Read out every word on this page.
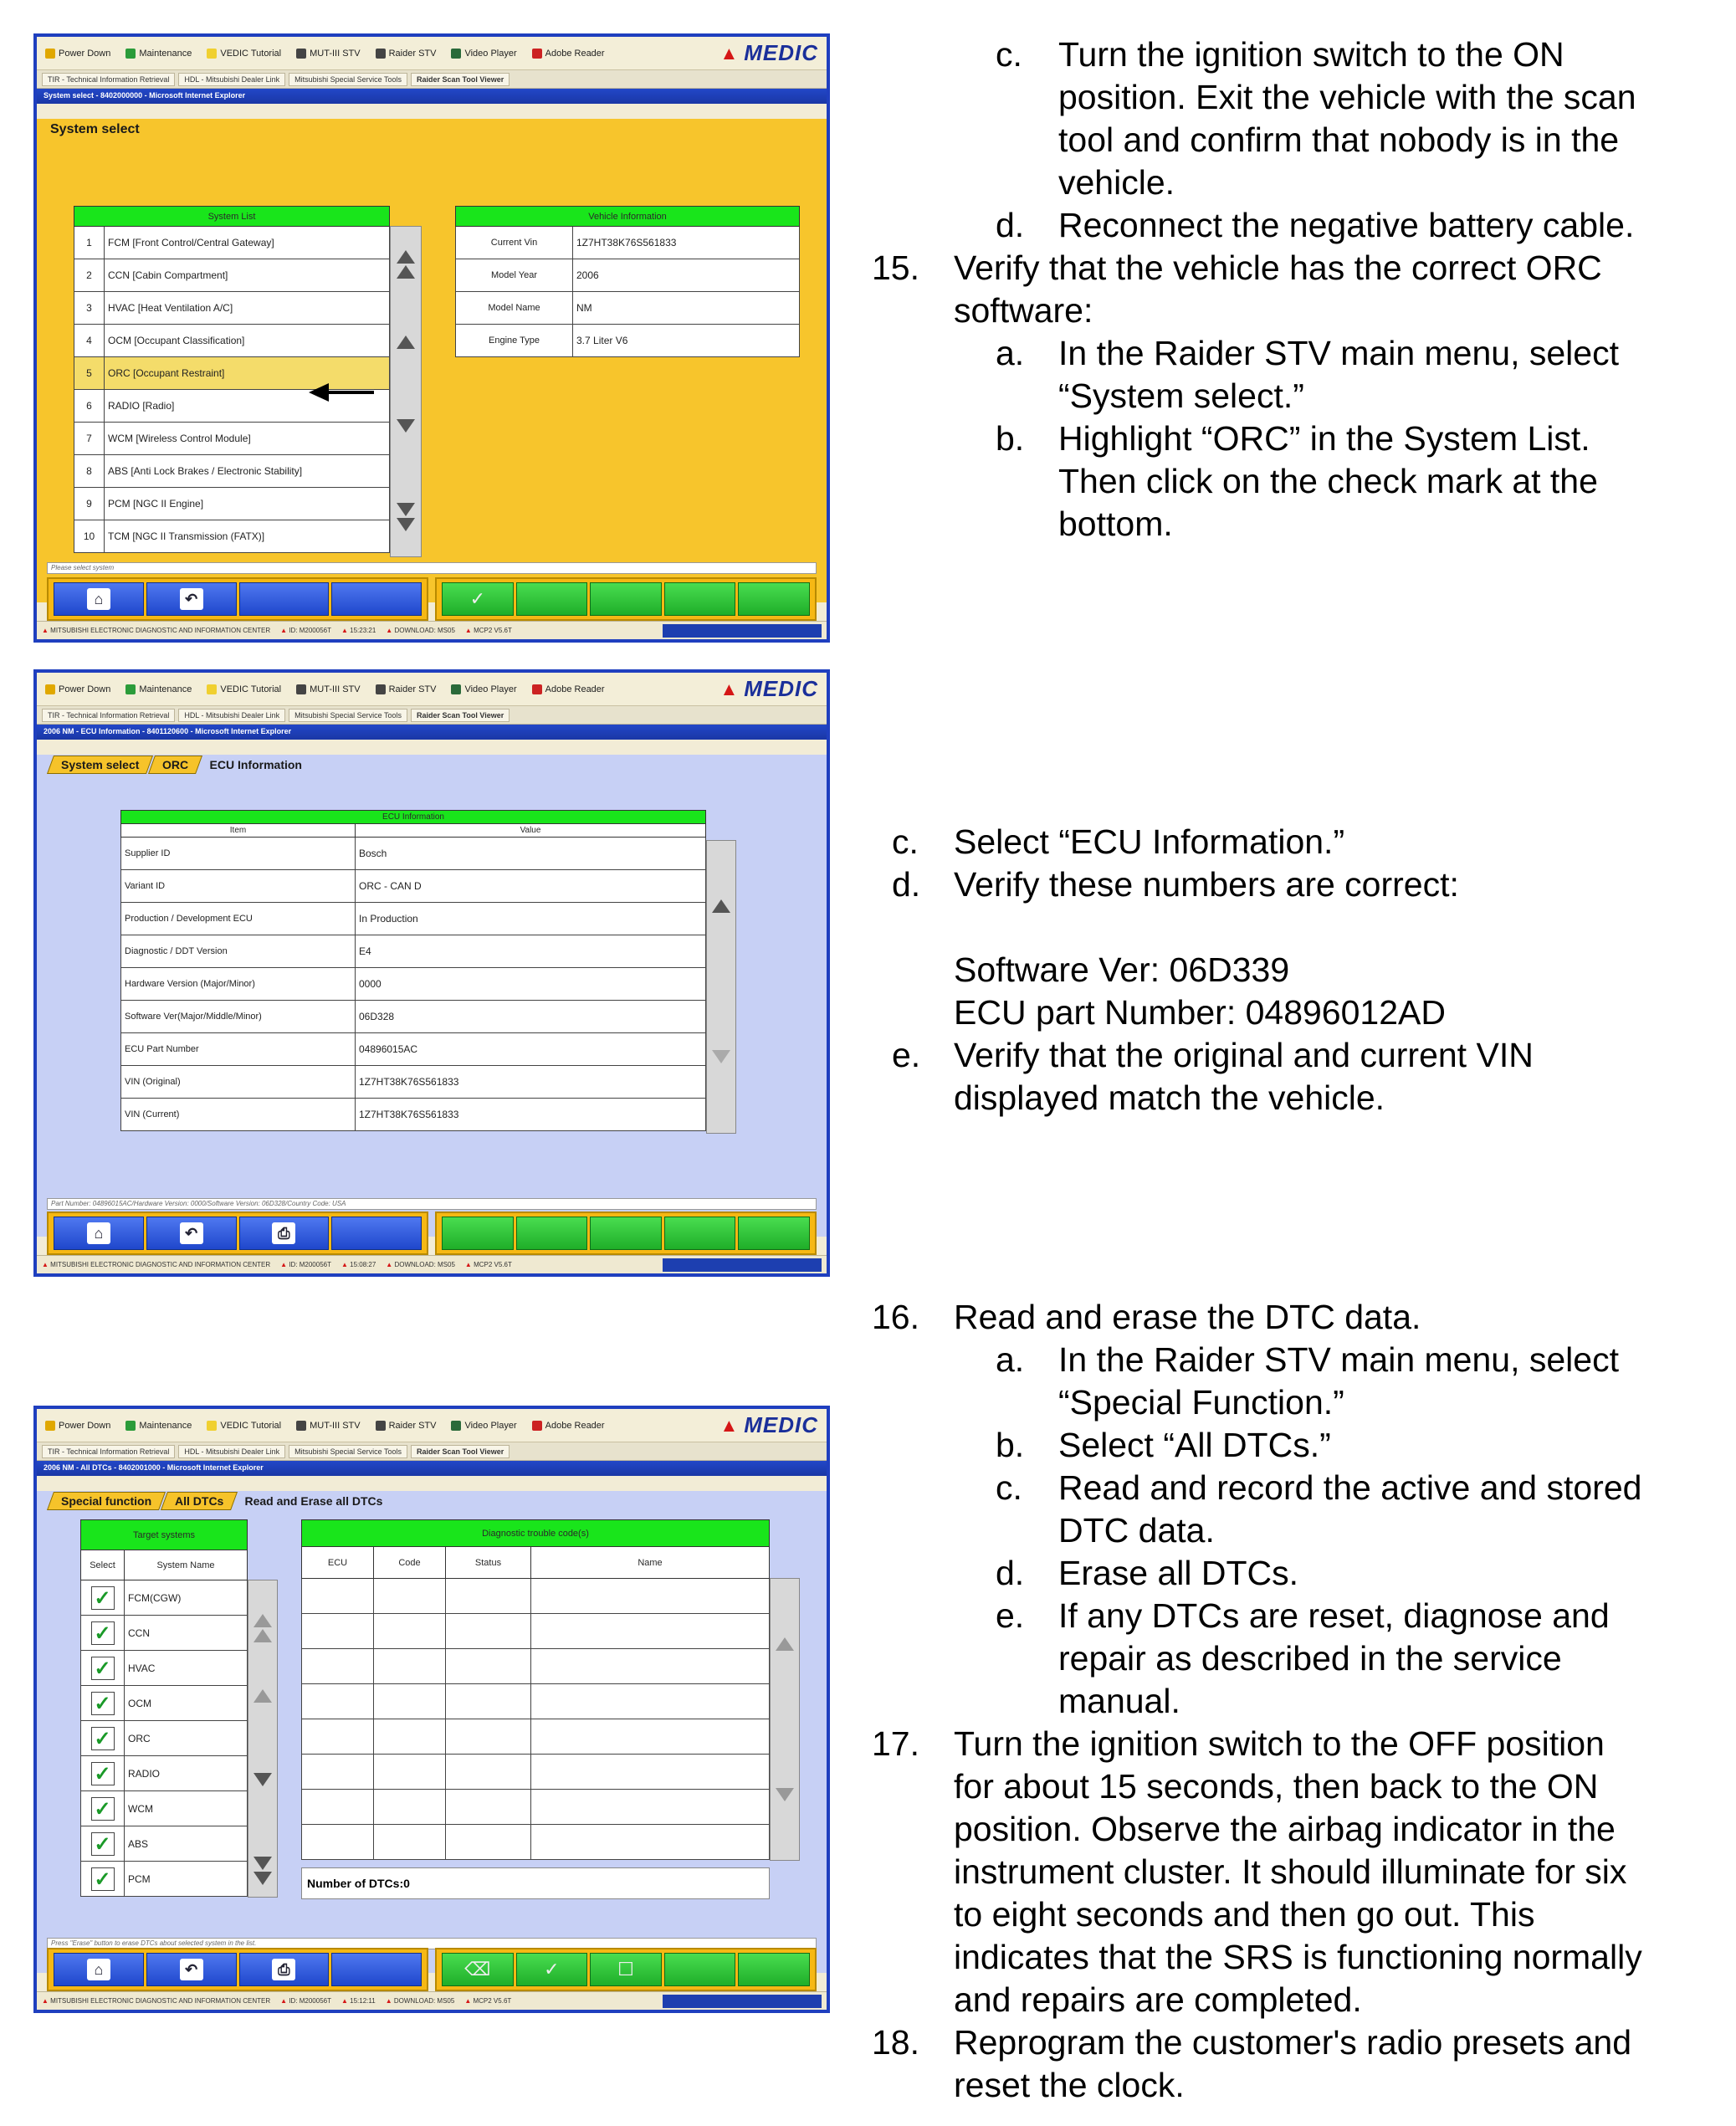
Power Down	Maintenance	VEDIC Tutorial	MUT-III STV	Raider STV	Video Player	Adobe Reader	▲ MEDIC
TIR - Technical Information Retrieval	HDL - Mitsubishi Dealer Link	Mitsubishi Special Service Tools	Raider Scan Tool Viewer
System select - 8402000000 - Microsoft Internet Explorer
System select
System List	
1	FCM [Front Control/Central Gateway]
2	CCN [Cabin Compartment]
3	HVAC [Heat Ventilation A/C]
4	OCM [Occupant Classification]
5	ORC [Occupant Restraint]
6	RADIO [Radio]
7	WCM [Wireless Control Module]
8	ABS [Anti Lock Brakes / Electronic Stability]
9	PCM [NGC II Engine]
10	TCM [NGC II Transmission (FATX)]
Vehicle Information	
Current Vin	1Z7HT38K76S561833
Model Year	2006
Model Name	NM
Engine Type	3.7 Liter V6
Please select system
⌂	↶	✓
▲ MITSUBISHI ELECTRONIC DIAGNOSTIC AND INFORMATION CENTER ▲ ID: M200056T ▲ 15:23:21 ▲ DOWNLOAD: MS05 ▲ MCP2 V5.6T
Power Down	Maintenance	VEDIC Tutorial	MUT-III STV	Raider STV	Video Player	Adobe Reader	▲ MEDIC
TIR - Technical Information Retrieval	HDL - Mitsubishi Dealer Link	Mitsubishi Special Service Tools	Raider Scan Tool Viewer
2006 NM - ECU Information - 8401120600 - Microsoft Internet Explorer
System select	ORC	ECU Information
ECU Information	
Item	Value
Supplier ID	Bosch
Variant ID	ORC - CAN D
Production / Development ECU	In Production
Diagnostic / DDT Version	E4
Hardware Version (Major/Minor)	0000
Software Ver(Major/Middle/Minor)	06D328
ECU Part Number	04896015AC
VIN (Original)	1Z7HT38K76S561833
VIN (Current)	1Z7HT38K76S561833
Part Number: 04896015AC/Hardware Version: 0000/Software Version: 06D328/Country Code: USA
⌂	↶	⎙
▲ MITSUBISHI ELECTRONIC DIAGNOSTIC AND INFORMATION CENTER ▲ ID: M200056T ▲ 15:08:27 ▲ DOWNLOAD: MS05 ▲ MCP2 V5.6T
Power Down	Maintenance	VEDIC Tutorial	MUT-III STV	Raider STV	Video Player	Adobe Reader	▲ MEDIC
TIR - Technical Information Retrieval	HDL - Mitsubishi Dealer Link	Mitsubishi Special Service Tools	Raider Scan Tool Viewer
2006 NM - All DTCs - 8402001000 - Microsoft Internet Explorer
Special function	All DTCs	Read and Erase all DTCs
Target systems	
Select	System Name
✓	FCM(CGW)
✓	CCN
✓	HVAC
✓	OCM
✓	ORC
✓	RADIO
✓	WCM
✓	ABS
✓	PCM
Diagnostic trouble code(s)			
ECU	Code	Status	Name

Number of DTCs:0
Press "Erase" button to erase DTCs about selected system in the list.
⌂	↶	⎙	⌫	✓	☐
▲ MITSUBISHI ELECTRONIC DIAGNOSTIC AND INFORMATION CENTER ▲ ID: M200056T ▲ 15:12:11 ▲ DOWNLOAD: MS05 ▲ MCP2 V5.6T
c. Turn the ignition switch to the ON
position. Exit the vehicle with the scan
tool and confirm that nobody is in the
vehicle.
d. Reconnect the negative battery cable.
15. Verify that the vehicle has the correct ORC
software:
a. In the Raider STV main menu, select
“System select.”
b. Highlight “ORC” in the System List.
Then click on the check mark at the
bottom.
c. Select “ECU Information.”
d. Verify these numbers are correct:
Software Ver: 06D339
ECU part Number: 04896012AD
e. Verify that the original and current VIN
displayed match the vehicle.
16. Read and erase the DTC data.
a. In the Raider STV main menu, select
“Special Function.”
b. Select “All DTCs.”
c. Read and record the active and stored
DTC data.
d. Erase all DTCs.
e. If any DTCs are reset, diagnose and
repair as described in the service
manual.
17. Turn the ignition switch to the OFF position
for about 15 seconds, then back to the ON
position. Observe the airbag indicator in the
instrument cluster. It should illuminate for six
to eight seconds and then go out. This
indicates that the SRS is functioning normally
and repairs are completed.
18. Reprogram the customer's radio presets and
reset the clock.
